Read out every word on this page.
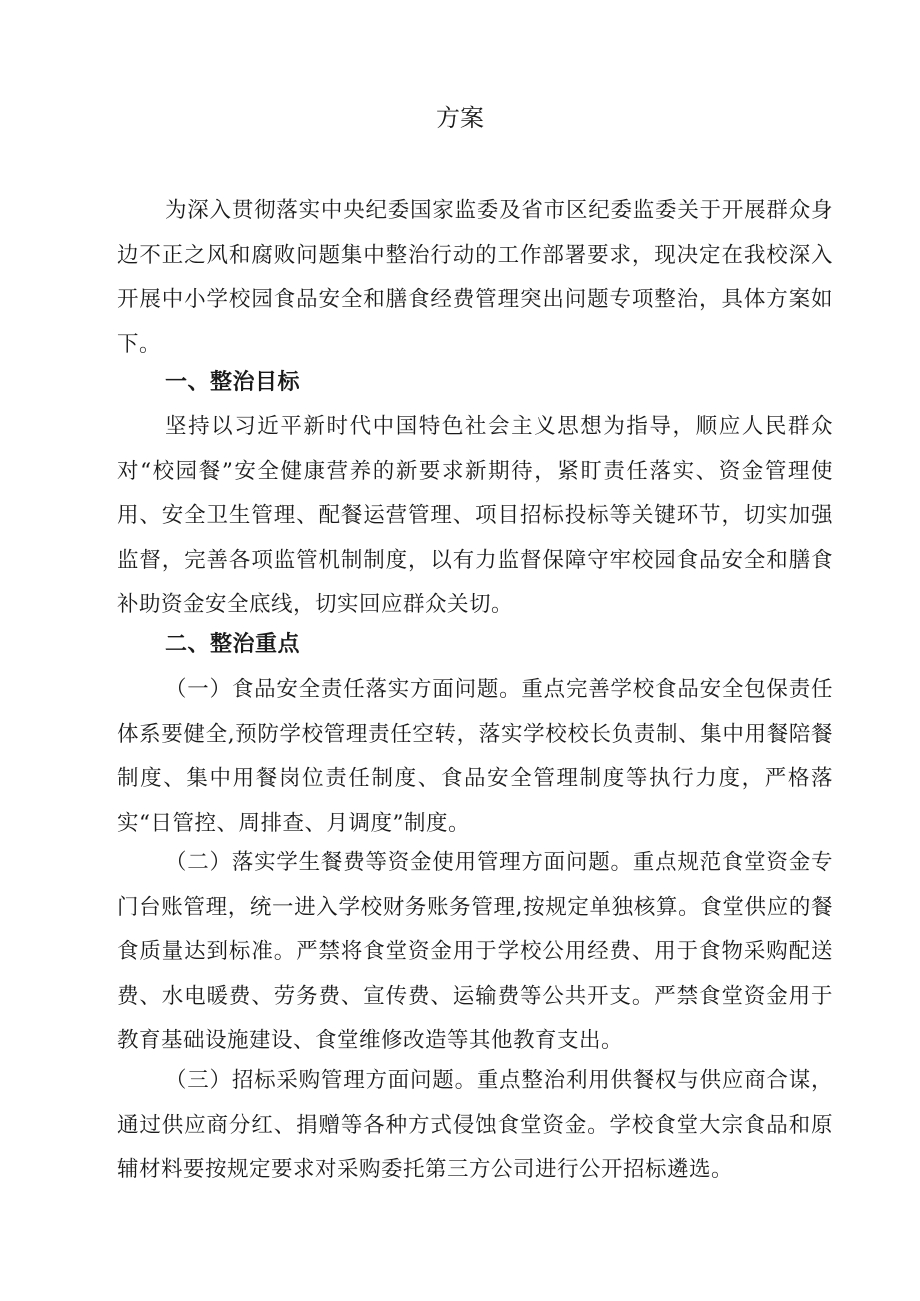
方案

为深入贯彻落实中央纪委国家监委及省市区纪委监委关于开展群众身边不正之风和腐败问题集中整治行动的工作部署要求，现决定在我校深入开展中小学校园食品安全和膳食经费管理突出问题专项整治，具体方案如下。

一、整治目标

坚持以习近平新时代中国特色社会主义思想为指导，顺应人民群众对“校园餐”安全健康营养的新要求新期待，紧盯责任落实、资金管理使用、安全卫生管理、配餐运营管理、项目招标投标等关键环节，切实加强监督，完善各项监管机制制度，以有力监督保障守牢校园食品安全和膳食补助资金安全底线，切实回应群众关切。

二、整治重点

（一）食品安全责任落实方面问题。重点完善学校食品安全包保责任体系要健全,预防学校管理责任空转，落实学校校长负责制、集中用餐陪餐制度、集中用餐岗位责任制度、食品安全管理制度等执行力度，严格落实“日管控、周排查、月调度”制度。

（二）落实学生餐费等资金使用管理方面问题。重点规范食堂资金专门台账管理，统一进入学校财务账务管理,按规定单独核算。食堂供应的餐食质量达到标准。严禁将食堂资金用于学校公用经费、用于食物采购配送费、水电暖费、劳务费、宣传费、运输费等公共开支。严禁食堂资金用于教育基础设施建设、食堂维修改造等其他教育支出。

（三）招标采购管理方面问题。重点整治利用供餐权与供应商合谋，通过供应商分红、捐赠等各种方式侵蚀食堂资金。学校食堂大宗食品和原辅材料要按规定要求对采购委托第三方公司进行公开招标遴选。
